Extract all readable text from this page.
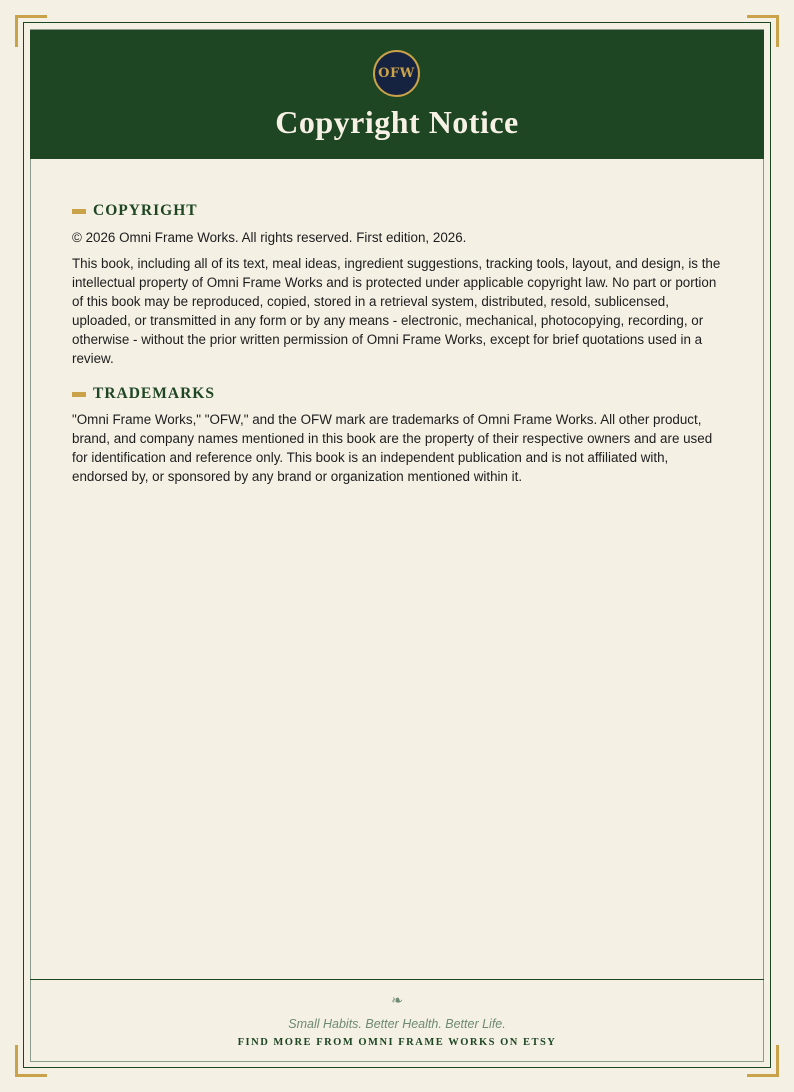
OFW
Copyright Notice
COPYRIGHT

© 2026 Omni Frame Works. All rights reserved. First edition, 2026.

This book, including all of its text, meal ideas, ingredient suggestions, tracking tools, layout, and design, is the intellectual property of Omni Frame Works and is protected under applicable copyright law. No part or portion of this book may be reproduced, copied, stored in a retrieval system, distributed, resold, sublicensed, uploaded, or transmitted in any form or by any means - electronic, mechanical, photocopying, recording, or otherwise - without the prior written permission of Omni Frame Works, except for brief quotations used in a review.

TRADEMARKS

"Omni Frame Works," "OFW," and the OFW mark are trademarks of Omni Frame Works. All other product, brand, and company names mentioned in this book are the property of their respective owners and are used for identification and reference only. This book is an independent publication and is not affiliated with, endorsed by, or sponsored by any brand or organization mentioned within it.

❧
Small Habits. Better Health. Better Life.
FIND MORE FROM OMNI FRAME WORKS ON ETSY
